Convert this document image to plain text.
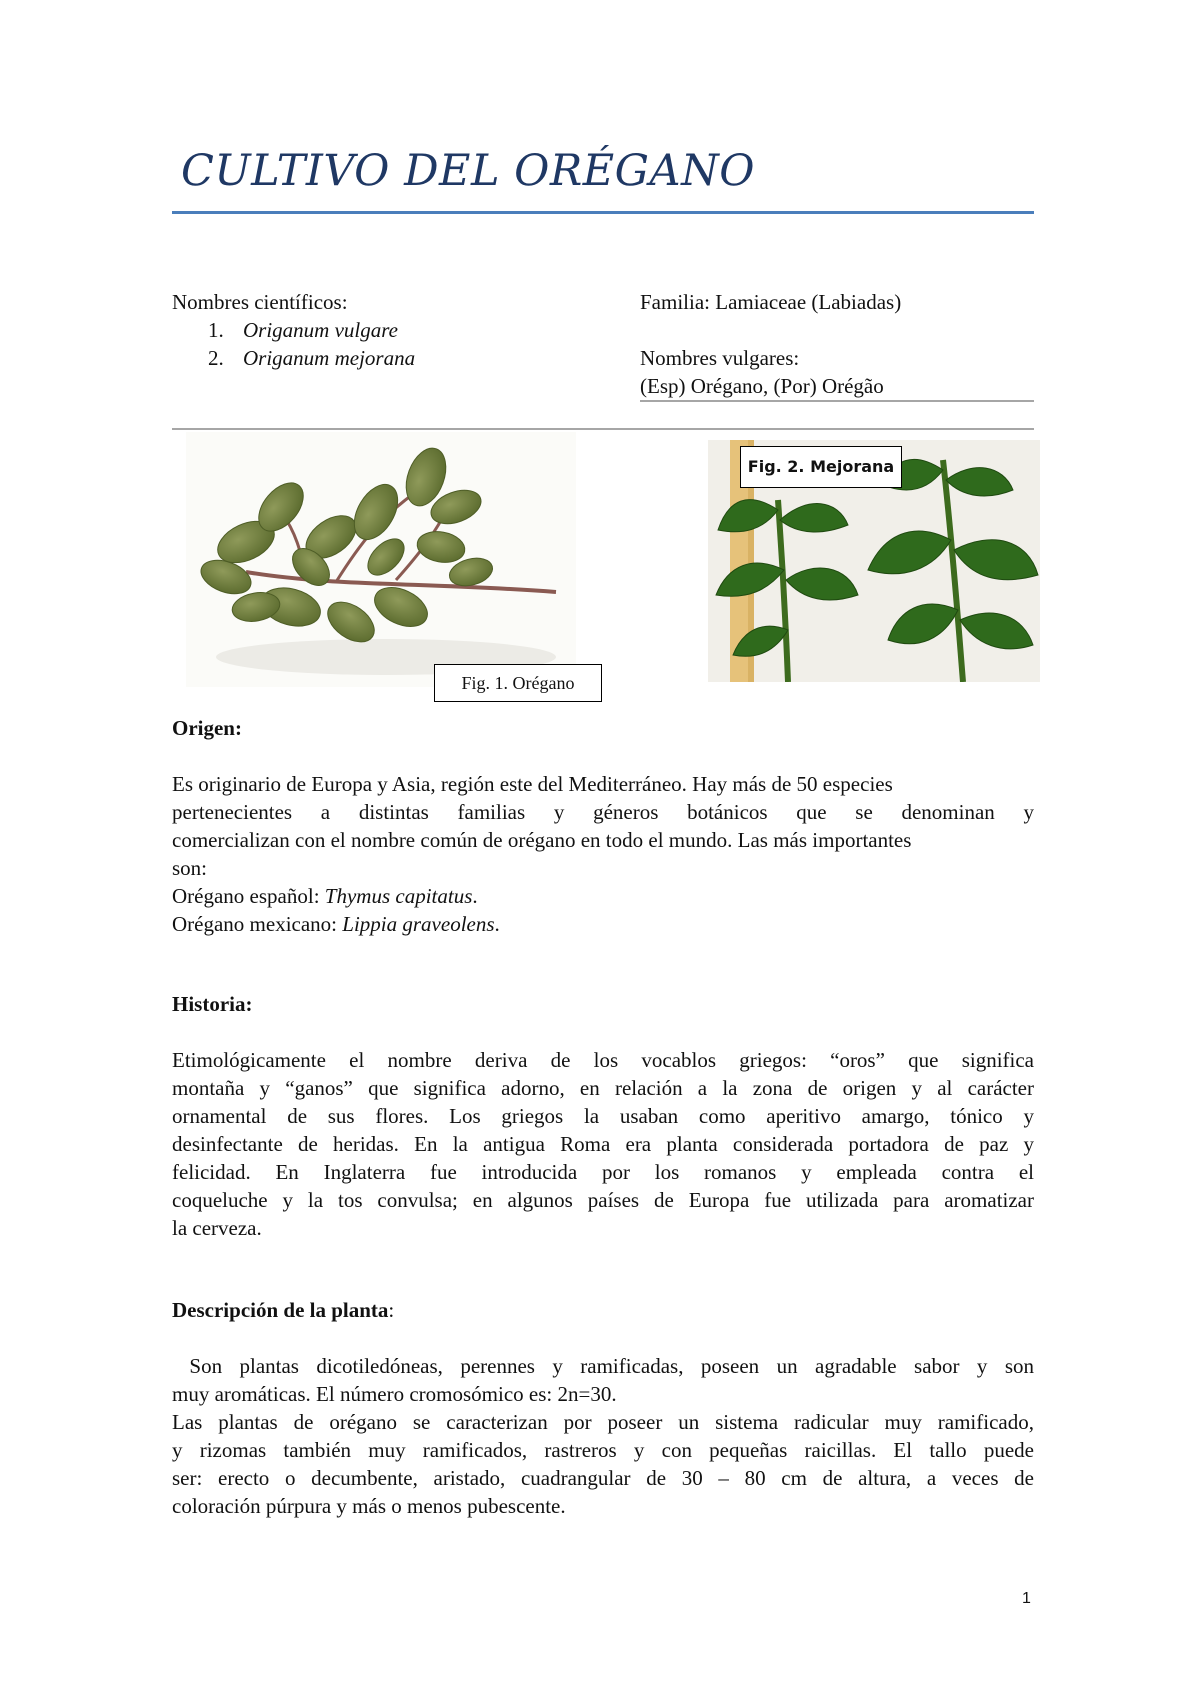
CULTIVO DEL ORÉGANO
Nombres científicos:
1. Origanum vulgare
2. Origanum mejorana
Familia: Lamiaceae (Labiadas)
Nombres vulgares:
(Esp) Orégano, (Por) Orégão
Fig. 1. Orégano
Fig. 2. Mejorana
Origen:
Es originario de Europa y Asia, región este del Mediterráneo. Hay más de 50 especies
pertenecientes a distintas familias y géneros botánicos que se denominan y
comercializan con el nombre común de orégano en todo el mundo. Las más importantes
son:
Orégano español: Thymus capitatus.
Orégano mexicano: Lippia graveolens.
Historia:
Etimológicamente el nombre deriva de los vocablos griegos: “oros” que significa
montaña y “ganos” que significa adorno, en relación a la zona de origen y al carácter
ornamental de sus flores. Los griegos la usaban como aperitivo amargo, tónico y
desinfectante de heridas. En la antigua Roma era planta considerada portadora de paz y
felicidad. En Inglaterra fue introducida por los romanos y empleada contra el
coqueluche y la tos convulsa; en algunos países de Europa fue utilizada para aromatizar
la cerveza.
Descripción de la planta:
Son plantas dicotiledóneas, perennes y ramificadas, poseen un agradable sabor y son
muy aromáticas. El número cromosómico es: 2n=30.
Las plantas de orégano se caracterizan por poseer un sistema radicular muy ramificado,
y rizomas también muy ramificados, rastreros y con pequeñas raicillas. El tallo puede
ser: erecto o decumbente, aristado, cuadrangular de 30 – 80 cm de altura, a veces de
coloración púrpura y más o menos pubescente.
1
